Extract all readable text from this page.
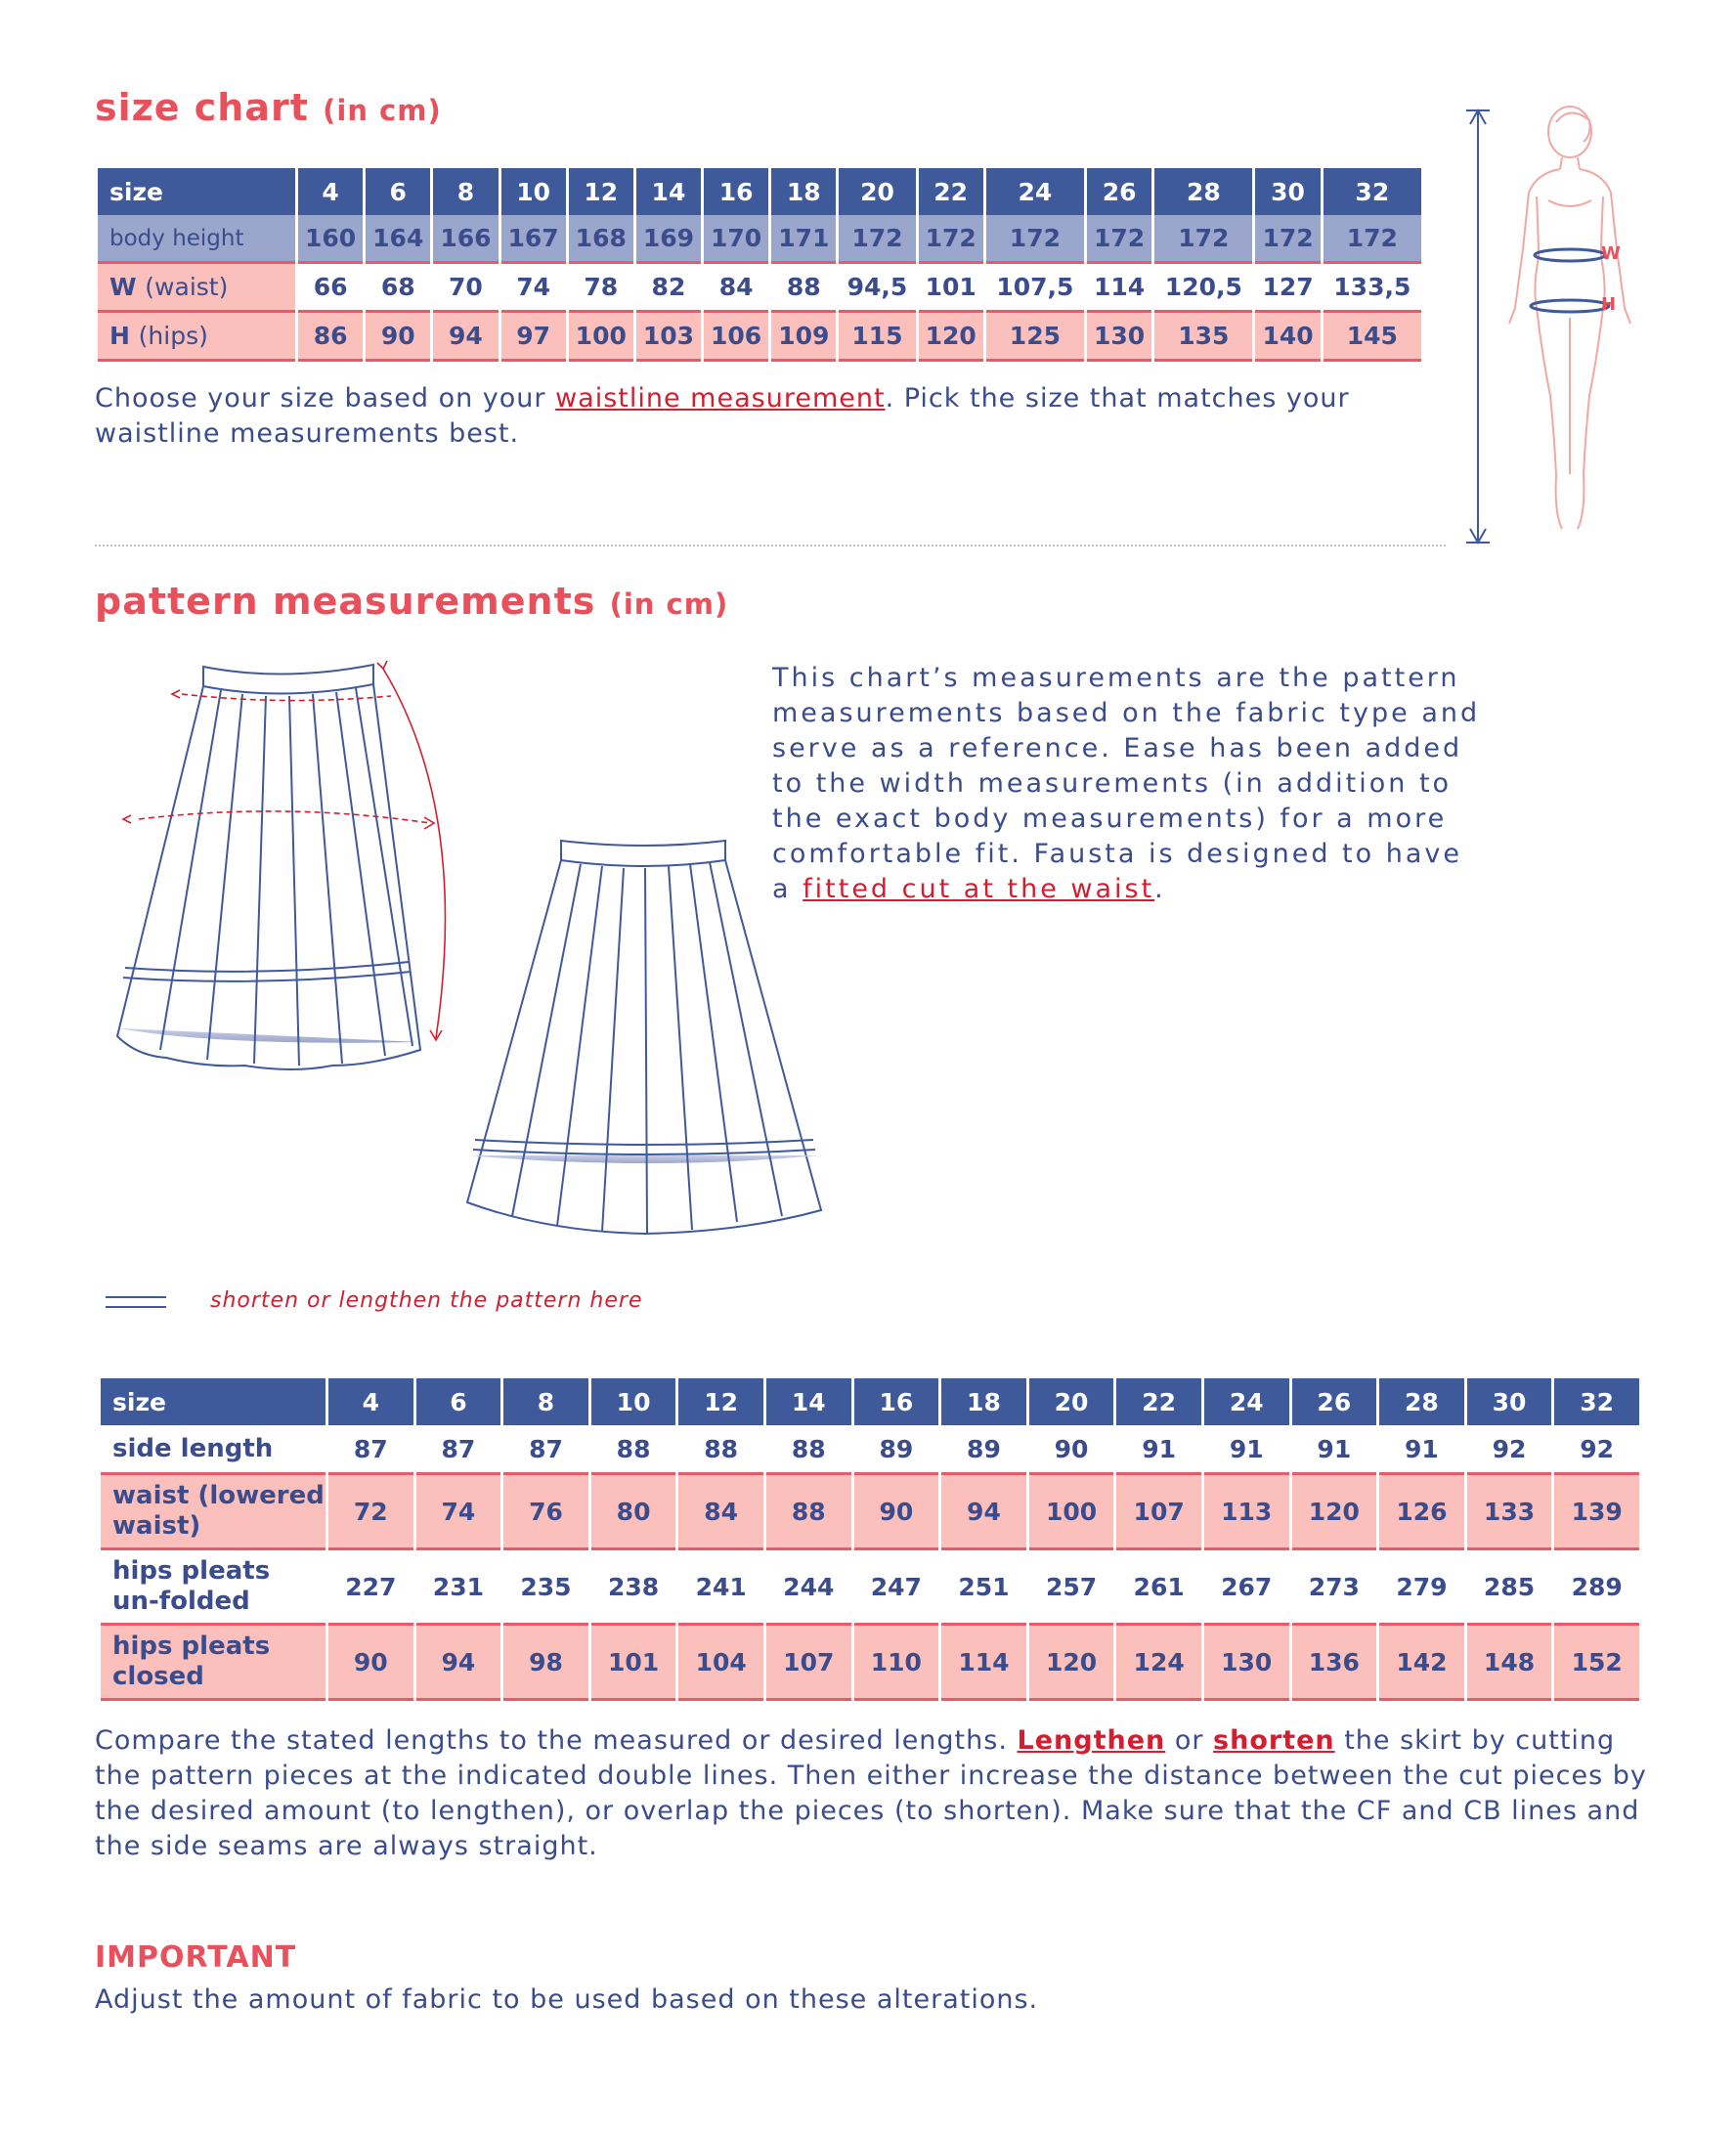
size chart (in cm)
size	4	6	8	10	12	14	16	18	20	22	24	26	28	30	32
body height	160	164	166	167	168	169	170	171	172	172	172	172	172	172	172
W (waist)	66	68	70	74	78	82	84	88	94,5	101	107,5	114	120,5	127	133,5
H (hips)	86	90	94	97	100	103	106	109	115	120	125	130	135	140	145

Choose your size based on your waistline measurement. Pick the size that matches your waistline measurements best.

W
H
pattern measurements (in cm)

This chart’s measurements are the pattern measurements based on the fabric type and serve as a reference. Ease has been added to the width measurements (in addition to the exact body measurements) for a more comfortable fit. Fausta is designed to have a fitted cut at the waist.

shorten or lengthen the pattern here
size	4	6	8	10	12	14	16	18	20	22	24	26	28	30	32
side length	87	87	87	88	88	88	89	89	90	91	91	91	91	92	92
waist (lowered waist)	72	74	76	80	84	88	90	94	100	107	113	120	126	133	139
hips pleats un-folded	227	231	235	238	241	244	247	251	257	261	267	273	279	285	289
hips pleats closed	90	94	98	101	104	107	110	114	120	124	130	136	142	148	152

Compare the stated lengths to the measured or desired lengths. Lengthen or shorten the skirt by cutting the pattern pieces at the indicated double lines. Then either increase the distance between the cut pieces by the desired amount (to lengthen), or overlap the pieces (to shorten). Make sure that the CF and CB lines and the side seams are always straight.

IMPORTANT

Adjust the amount of fabric to be used based on these alterations.
